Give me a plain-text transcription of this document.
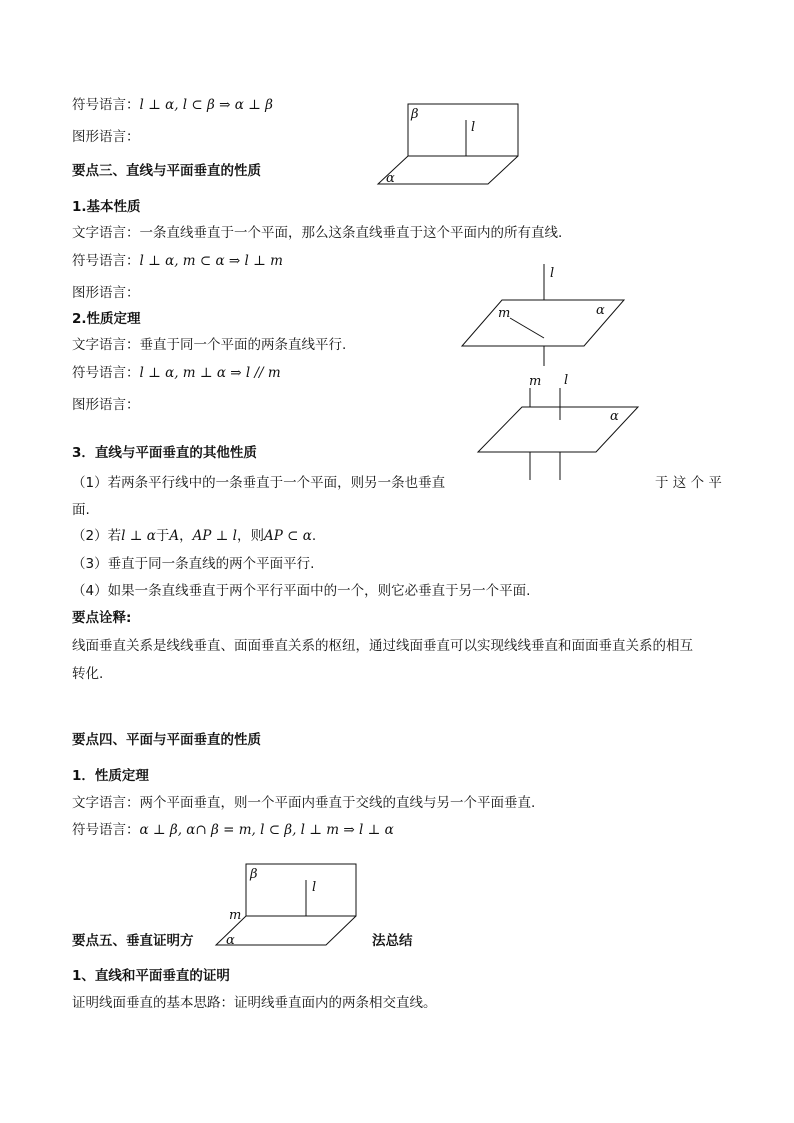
符号语言：l ⊥ α, l ⊂ β ⇒ α ⊥ β
图形语言：
β
l
α
要点三、直线与平面垂直的性质
1.基本性质
文字语言：一条直线垂直于一个平面，那么这条直线垂直于这个平面内的所有直线.
符号语言：l ⊥ α, m ⊂ α ⇒ l ⊥ m
图形语言：
l
m	α
2.性质定理
文字语言：垂直于同一个平面的两条直线平行.
符号语言：l ⊥ α, m ⊥ α ⇒ l // m
图形语言：
m l
α
3．直线与平面垂直的其他性质
（1）若两条平行线中的一条垂直于一个平面，则另一条也垂直	于 这 个 平
面.
（2）若l ⊥ α于A，AP ⊥ l，则AP ⊂ α.
（3）垂直于同一条直线的两个平面平行.
（4）如果一条直线垂直于两个平行平面中的一个，则它必垂直于另一个平面.
要点诠释:
线面垂直关系是线线垂直、面面垂直关系的枢纽，通过线面垂直可以实现线线垂直和面面垂直关系的相互
转化.
要点四、平面与平面垂直的性质
1．性质定理
文字语言：两个平面垂直，则一个平面内垂直于交线的直线与另一个平面垂直.
符号语言：α ⊥ β, α∩ β = m, l ⊂ β, l ⊥ m ⇒ l ⊥ α
β
l
m
α
要点五、垂直证明方	法总结
1、直线和平面垂直的证明
证明线面垂直的基本思路：证明线垂直面内的两条相交直线。
